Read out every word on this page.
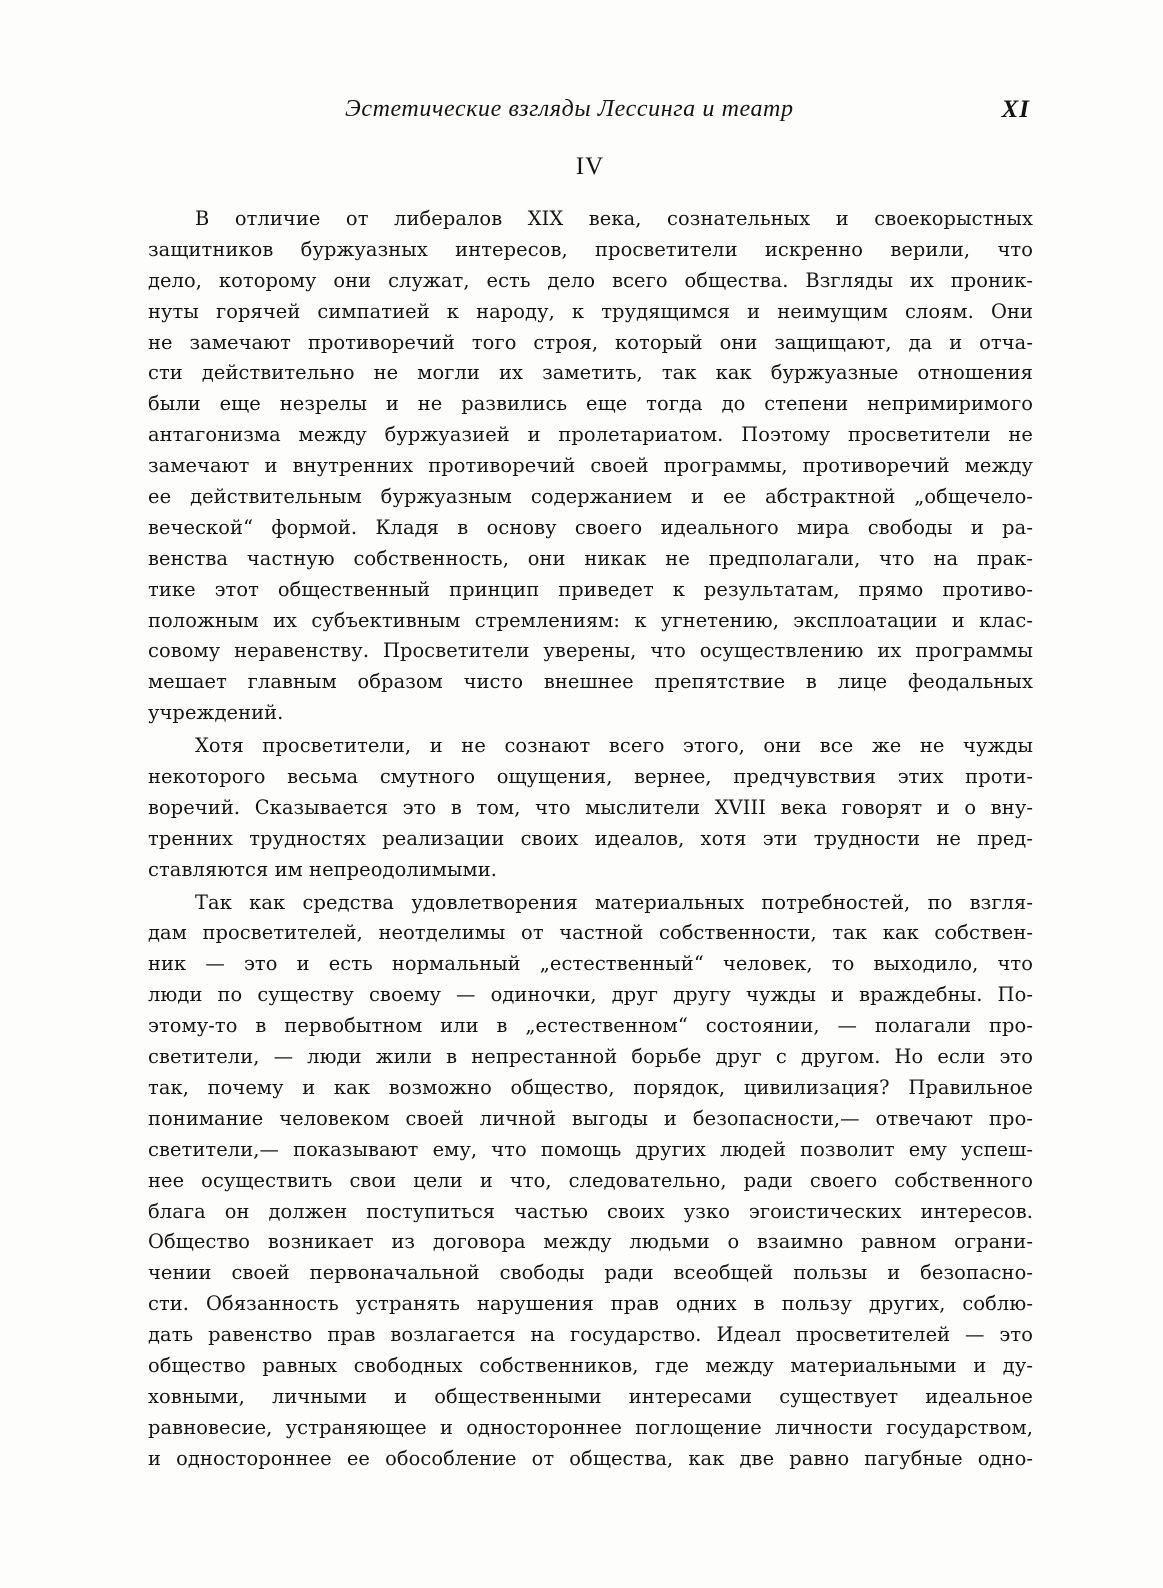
Эстетические взгляды Лессинга и театр	XI
IV
В отличие от либералов XIX века, сознательных и своекорыстных
защитников буржуазных интересов, просветители искренно верили, что
дело, которому они служат, есть дело всего общества. Взгляды их проник-
нуты горячей симпатией к народу, к трудящимся и неимущим слоям. Они
не замечают противоречий того строя, который они защищают, да и отча-
сти действительно не могли их заметить, так как буржуазные отношения
были еще незрелы и не развились еще тогда до степени непримиримого
антагонизма между буржуазией и пролетариатом. Поэтому просветители не
замечают и внутренних противоречий своей программы, противоречий между
ее действительным буржуазным содержанием и ее абстрактной „общечело-
веческой“ формой. Кладя в основу своего идеального мира свободы и ра-
венства частную собственность, они никак не предполагали, что на прак-
тике этот общественный принцип приведет к результатам, прямо противо-
положным их субъективным стремлениям: к угнетению, эксплоатации и клас-
совому неравенству. Просветители уверены, что осуществлению их программы
мешает главным образом чисто внешнее препятствие в лице феодальных
учреждений.
Хотя просветители, и не сознают всего этого, они все же не чужды
некоторого весьма смутного ощущения, вернее, предчувствия этих проти-
воречий. Сказывается это в том, что мыслители XVIII века говорят и о вну-
тренних трудностях реализации своих идеалов, хотя эти трудности не пред-
ставляются им непреодолимыми.
Так как средства удовлетворения материальных потребностей, по взгля-
дам просветителей, неотделимы от частной собственности, так как собствен-
ник — это и есть нормальный „естественный“ человек, то выходило, что
люди по существу своему — одиночки, друг другу чужды и враждебны. По-
этому-то в первобытном или в „естественном“ состоянии, — полагали про-
светители, — люди жили в непрестанной борьбе друг с другом. Но если это
так, почему и как возможно общество, порядок, цивилизация? Правильное
понимание человеком своей личной выгоды и безопасности,— отвечают про-
светители,— показывают ему, что помощь других людей позволит ему успеш-
нее осуществить свои цели и что, следовательно, ради своего собственного
блага он должен поступиться частью своих узко эгоистических интересов.
Общество возникает из договора между людьми о взаимно равном ограни-
чении своей первоначальной свободы ради всеобщей пользы и безопасно-
сти. Обязанность устранять нарушения прав одних в пользу других, соблю-
дать равенство прав возлагается на государство. Идеал просветителей — это
общество равных свободных собственников, где между материальными и ду-
ховными, личными и общественными интересами существует идеальное
равновесие, устраняющее и одностороннее поглощение личности государством,
и одностороннее ее обособление от общества, как две равно пагубные одно-
